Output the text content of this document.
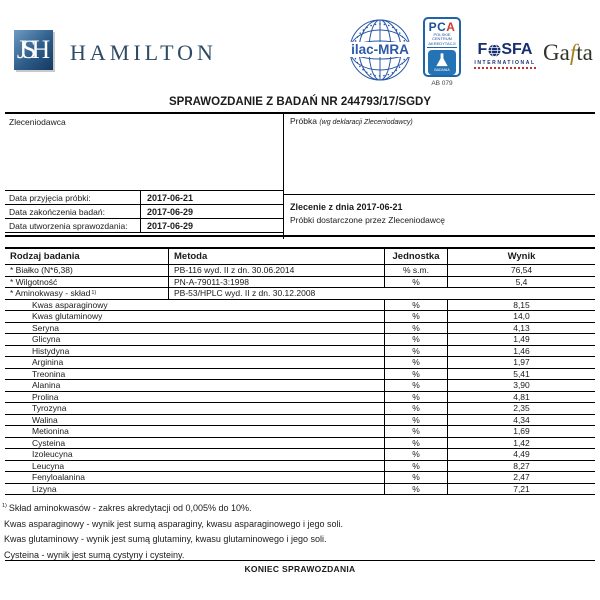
JSH HAMILTON	ilac-MRA
PCA
POLSKIE CENTRUM AKREDYTACJI
BADANIA
AB 079
F SFA
INTERNATIONAL Gafta
SPRAWOZDANIE Z BADAŃ NR 244793/17/SGDY
Zleceniodawca
Data przyjęcia próbki:	2017-06-21
Data zakończenia badań:	2017-06-29
Data utworzenia sprawozdania:	2017-06-29
Próbka (wg deklaracji Zleceniodawcy)
Zlecenie z dnia 2017-06-21
Próbki dostarczone przez Zleceniodawcę
Rodzaj badania	Metoda	Jednostka	Wynik
* Białko (N*6,38)	PB-116 wyd. II z dn. 30.06.2014	% s.m.	76,54
* Wilgotność	PN-A-79011-3:1998	%	5,4
* Aminokwasy - skład 1)	PB-53/HPLC wyd. II z dn. 30.12.2008
Kwas asparaginowy	%	8,15
Kwas glutaminowy	%	14,0
Seryna	%	4,13
Glicyna	%	1,49
Histydyna	%	1,46
Arginina	%	1,97
Treonina	%	5,41
Alanina	%	3,90
Prolina	%	4,81
Tyrozyna	%	2,35
Walina	%	4,34
Metionina	%	1,69
Cysteina	%	1,42
Izoleucyna	%	4,49
Leucyna	%	8,27
Fenyloalanina	%	2,47
Lizyna	%	7,21
$^{1)}$ Skład aminokwasów - zakres akredytacji od 0,005% do 10%.
Kwas asparaginowy - wynik jest sumą asparaginy, kwasu asparaginowego i jego soli.
Kwas glutaminowy - wynik jest sumą glutaminy, kwasu glutaminowego i jego soli.
Cysteina - wynik jest sumą cystyny i cysteiny.
KONIEC SPRAWOZDANIA
